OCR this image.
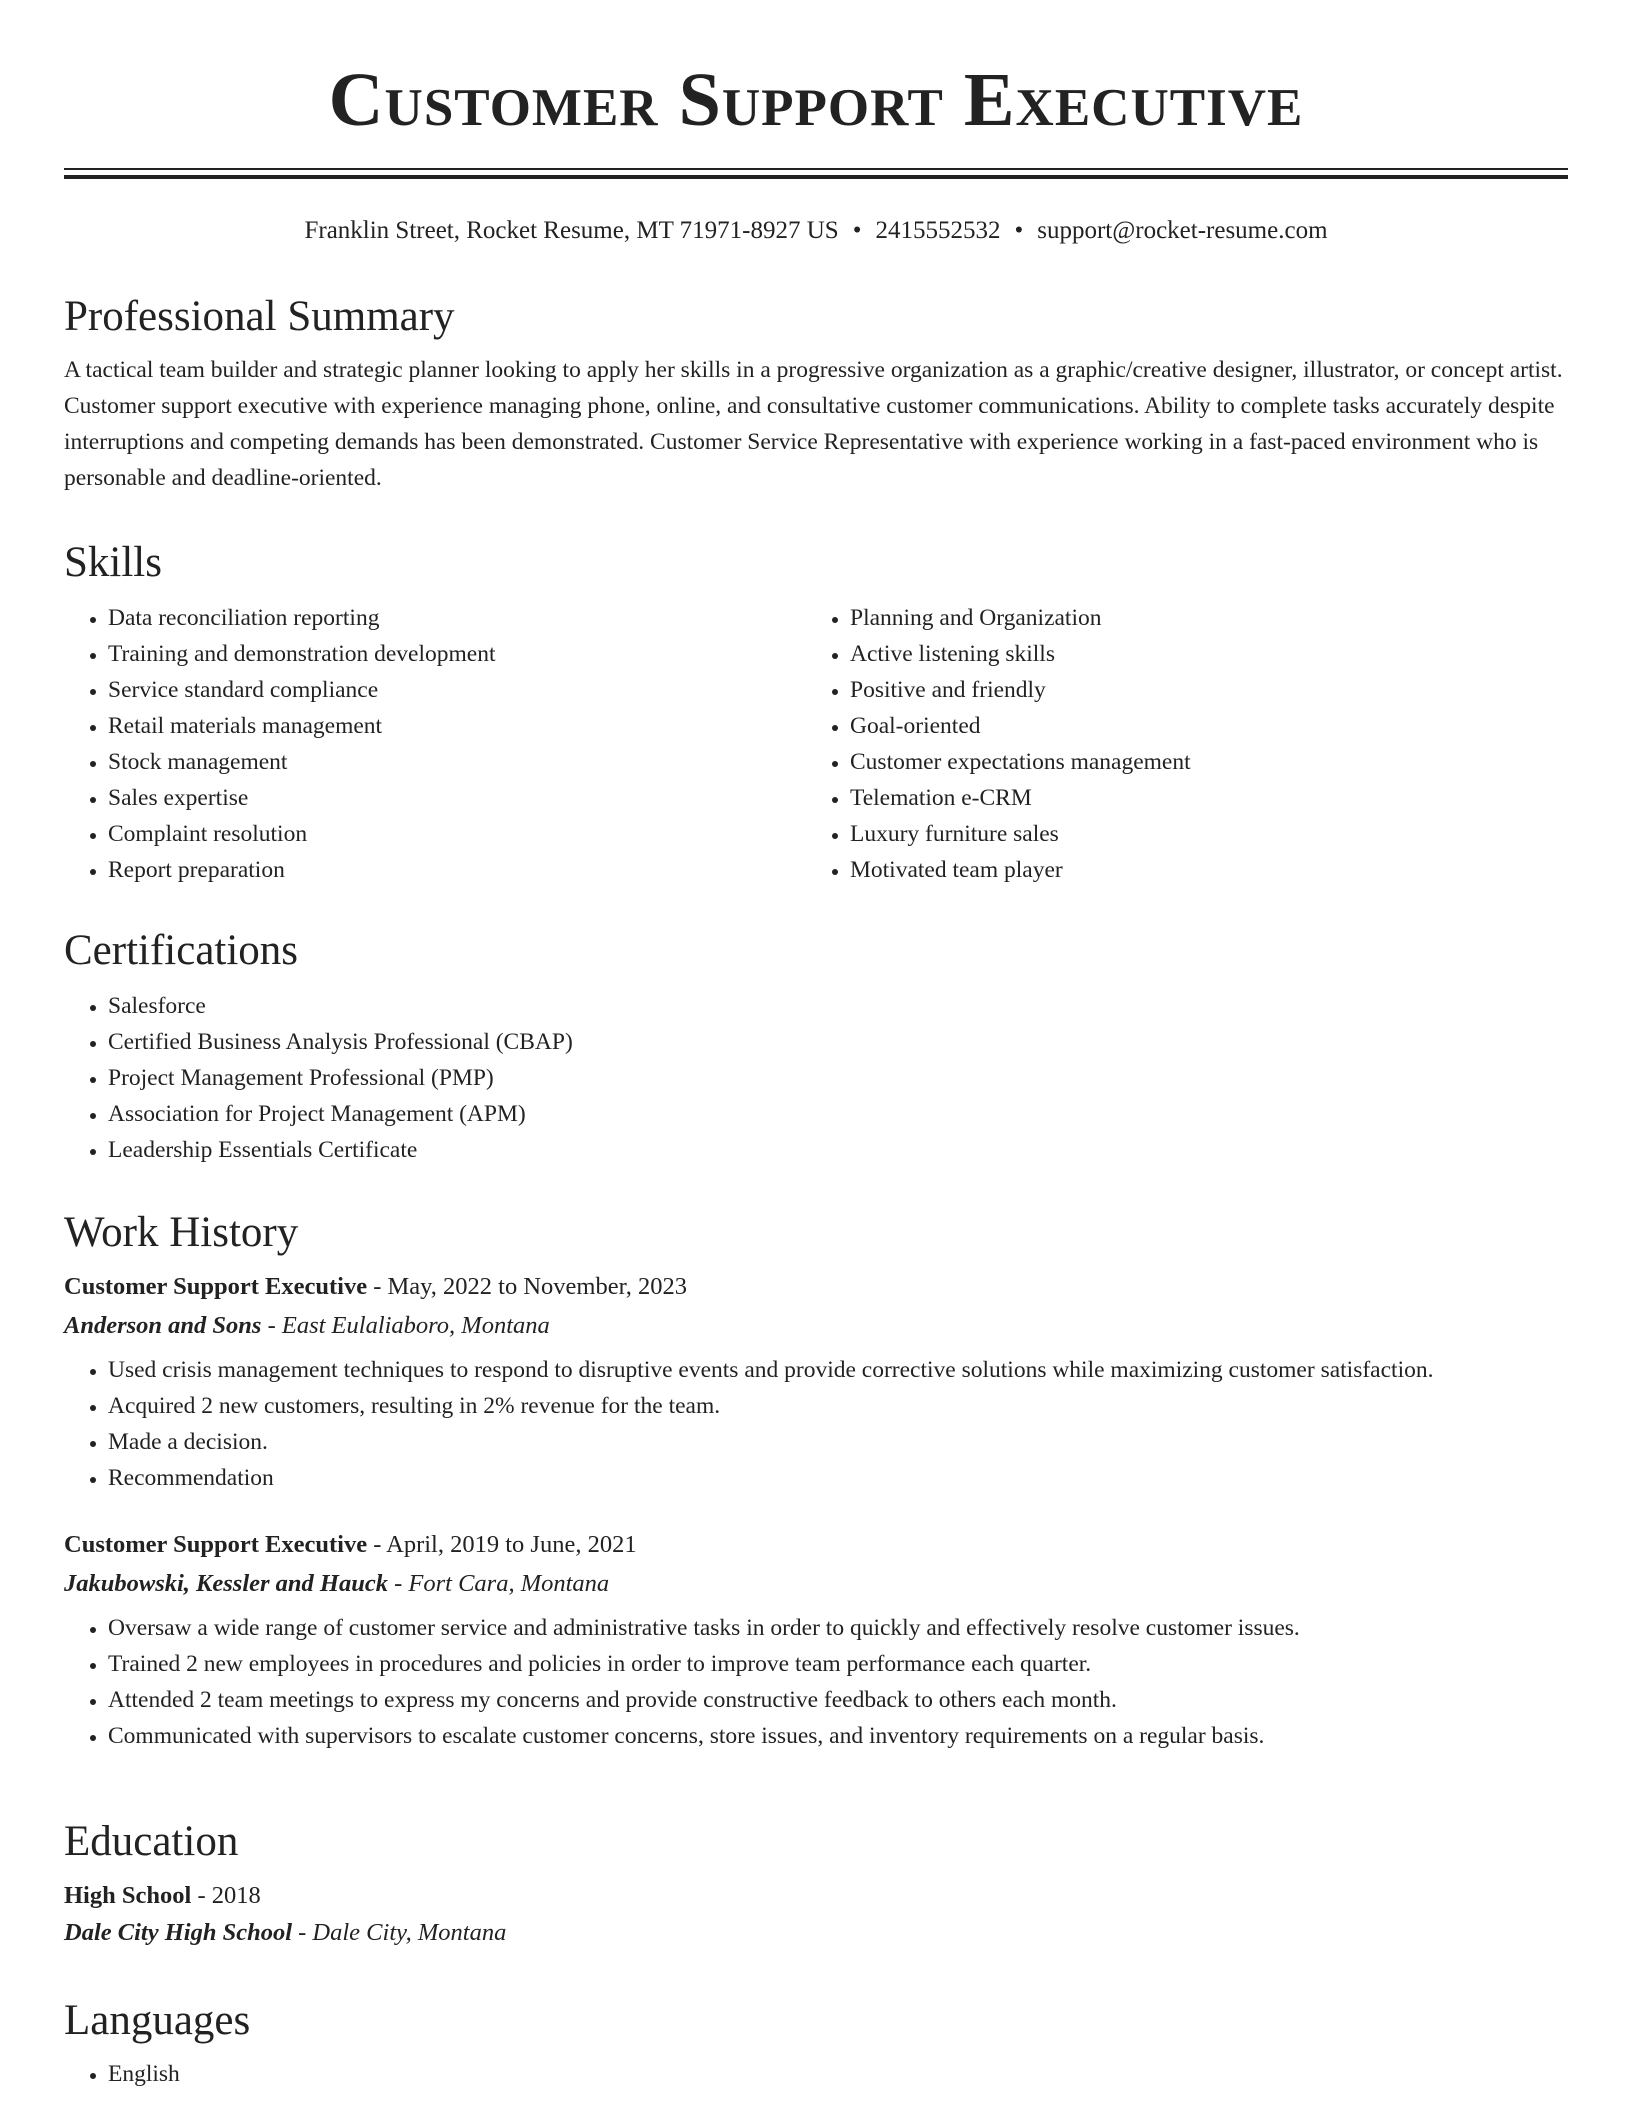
Customer Support Executive
Franklin Street, Rocket Resume, MT 71971-8927 US • 2415552532 • support@rocket-resume.com
Professional Summary

A tactical team builder and strategic planner looking to apply her skills in a progressive organization as a graphic/creative designer, illustrator, or concept artist. Customer support executive with experience managing phone, online, and consultative customer communications. Ability to complete tasks accurately despite interruptions and competing demands has been demonstrated. Customer Service Representative with experience working in a fast-paced environment who is personable and deadline-oriented.

Skills
• Data reconciliation reporting
• Training and demonstration development
• Service standard compliance
• Retail materials management
• Stock management
• Sales expertise
• Complaint resolution
• Report preparation
• Planning and Organization
• Active listening skills
• Positive and friendly
• Goal-oriented
• Customer expectations management
• Telemation e-CRM
• Luxury furniture sales
• Motivated team player
Certifications
• Salesforce
• Certified Business Analysis Professional (CBAP)
• Project Management Professional (PMP)
• Association for Project Management (APM)
• Leadership Essentials Certificate
Work History

Customer Support Executive - May, 2022 to November, 2023

Anderson and Sons - East Eulaliaboro, Montana

• Used crisis management techniques to respond to disruptive events and provide corrective solutions while maximizing customer satisfaction.
• Acquired 2 new customers, resulting in 2% revenue for the team.
• Made a decision.
• Recommendation

Customer Support Executive - April, 2019 to June, 2021

Jakubowski, Kessler and Hauck - Fort Cara, Montana

• Oversaw a wide range of customer service and administrative tasks in order to quickly and effectively resolve customer issues.
• Trained 2 new employees in procedures and policies in order to improve team performance each quarter.
• Attended 2 team meetings to express my concerns and provide constructive feedback to others each month.
• Communicated with supervisors to escalate customer concerns, store issues, and inventory requirements on a regular basis.
Education

High School - 2018

Dale City High School - Dale City, Montana

Languages
• English
